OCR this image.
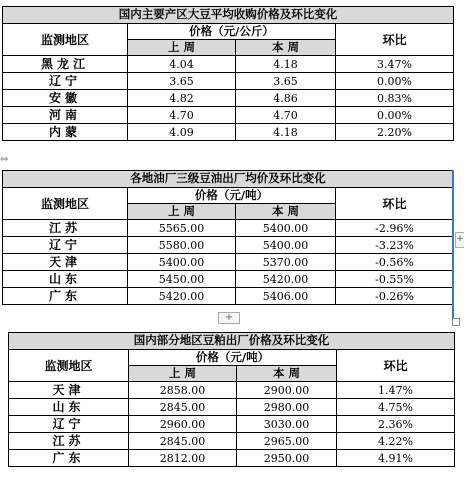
国内主要产区大豆平均收购价格及环比变化			
监测地区	价格（元/公斤）		环比
	上 周	本 周	
黑龙江	4.04	4.18	3.47%
辽宁	3.65	3.65	0.00%
安徽	4.82	4.86	0.83%
河南	4.70	4.70	0.00%
内蒙	4.09	4.18	2.20%
⇔
各地油厂三级豆油出厂均价及环比变化			
监测地区	价格（元/吨）		环比
	上 周	本 周	
江苏	5565.00	5400.00	-2.96%
辽宁	5580.00	5400.00	-3.23%
天津	5400.00	5370.00	-0.56%
山东	5450.00	5420.00	-0.55%
广东	5420.00	5406.00	-0.26%
+
+
国内部分地区豆粕出厂价格及环比变化			
监测地区	价格（元/吨）		环比
	上 周	本 周	
天津	2858.00	2900.00	1.47%
山东	2845.00	2980.00	4.75%
辽宁	2960.00	3030.00	2.36%
江苏	2845.00	2965.00	4.22%
广东	2812.00	2950.00	4.91%
